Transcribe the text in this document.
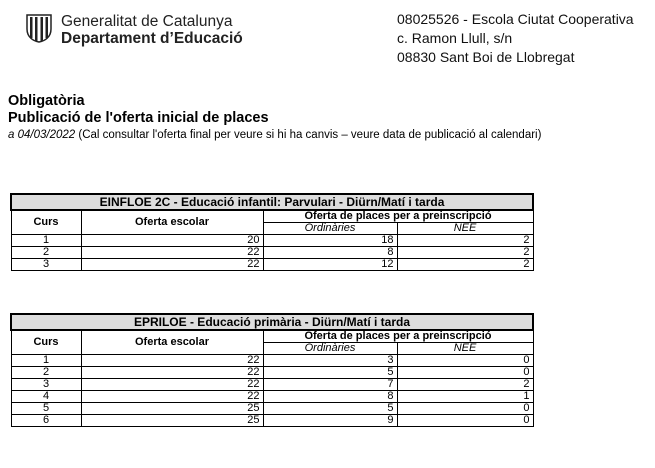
Generalitat de Catalunya
Departament d’Educació
08025526 - Escola Ciutat Cooperativa
c. Ramon Llull, s/n
08830 Sant Boi de Llobregat
Obligatòria
Publicació de l'oferta inicial de places
a 04/03/2022 (Cal consultar l'oferta final per veure si hi ha canvis – veure data de publicació al calendari)
EINFLOE 2C - Educació infantil: Parvulari - Diürn/Matí i tarda			
Curs	Oferta escolar	Oferta de places per a preinscripció	
		Ordinàries	NEE
1	20	18	2
2	22	8	2
3	22	12	2
EPRILOE - Educació primària - Diürn/Matí i tarda			
Curs	Oferta escolar	Oferta de places per a preinscripció	
		Ordinàries	NEE
1	22	3	0
2	22	5	0
3	22	7	2
4	22	8	1
5	25	5	0
6	25	9	0
